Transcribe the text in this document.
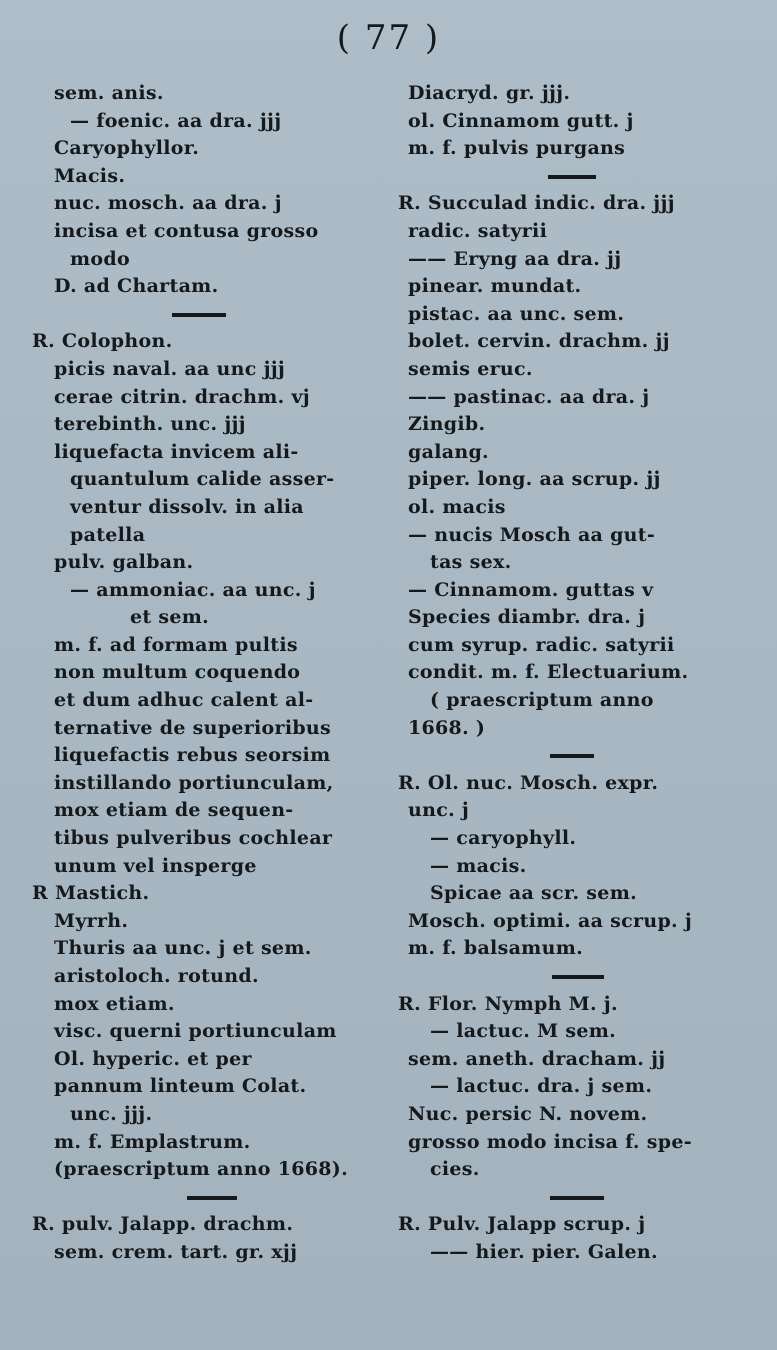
( 77 )
sem. anis.
— foenic. aa dra. jjj
Caryophyllor.
Macis.
nuc. mosch. aa dra. j
incisa et contusa grosso
modo
D. ad Chartam.
R. Colophon.
picis naval. aa unc jjj
cerae citrin. drachm. vj
terebinth. unc. jjj
liquefacta invicem ali-
quantulum calide asser-
ventur dissolv. in alia
patella
pulv. galban.
— ammoniac. aa unc. j
et sem.
m. f. ad formam pultis
non multum coquendo
et dum adhuc calent al-
ternative de superioribus
liquefactis rebus seorsim
instillando portiunculam,
mox etiam de sequen-
tibus pulveribus cochlear
unum vel insperge
R Mastich.
Myrrh.
Thuris aa unc. j et sem.
aristoloch. rotund.
mox etiam.
visc. querni portiunculam
Ol. hyperic. et per
pannum linteum Colat.
unc. jjj.
m. f. Emplastrum.
(praescriptum anno 1668).
R. pulv. Jalapp. drachm.
sem. crem. tart. gr. xjj
Diacryd. gr. jjj.
ol. Cinnamom gutt. j
m. f. pulvis purgans
R. Succulad indic. dra. jjj
radic. satyrii
—— Eryng aa dra. jj
pinear. mundat.
pistac. aa unc. sem.
bolet. cervin. drachm. jj
semis eruc.
—— pastinac. aa dra. j
Zingib.
galang.
piper. long. aa scrup. jj
ol. macis
— nucis Mosch aa gut-
tas sex.
— Cinnamom. guttas v
Species diambr. dra. j
cum syrup. radic. satyrii
condit. m. f. Electuarium.
( praescriptum anno
1668. )
R. Ol. nuc. Mosch. expr.
unc. j
— caryophyll.
— macis.
Spicae aa scr. sem.
Mosch. optimi. aa scrup. j
m. f. balsamum.
R. Flor. Nymph M. j.
— lactuc. M sem.
sem. aneth. dracham. jj
— lactuc. dra. j sem.
Nuc. persic N. novem.
grosso modo incisa f. spe-
cies.
R. Pulv. Jalapp scrup. j
—— hier. pier. Galen.
